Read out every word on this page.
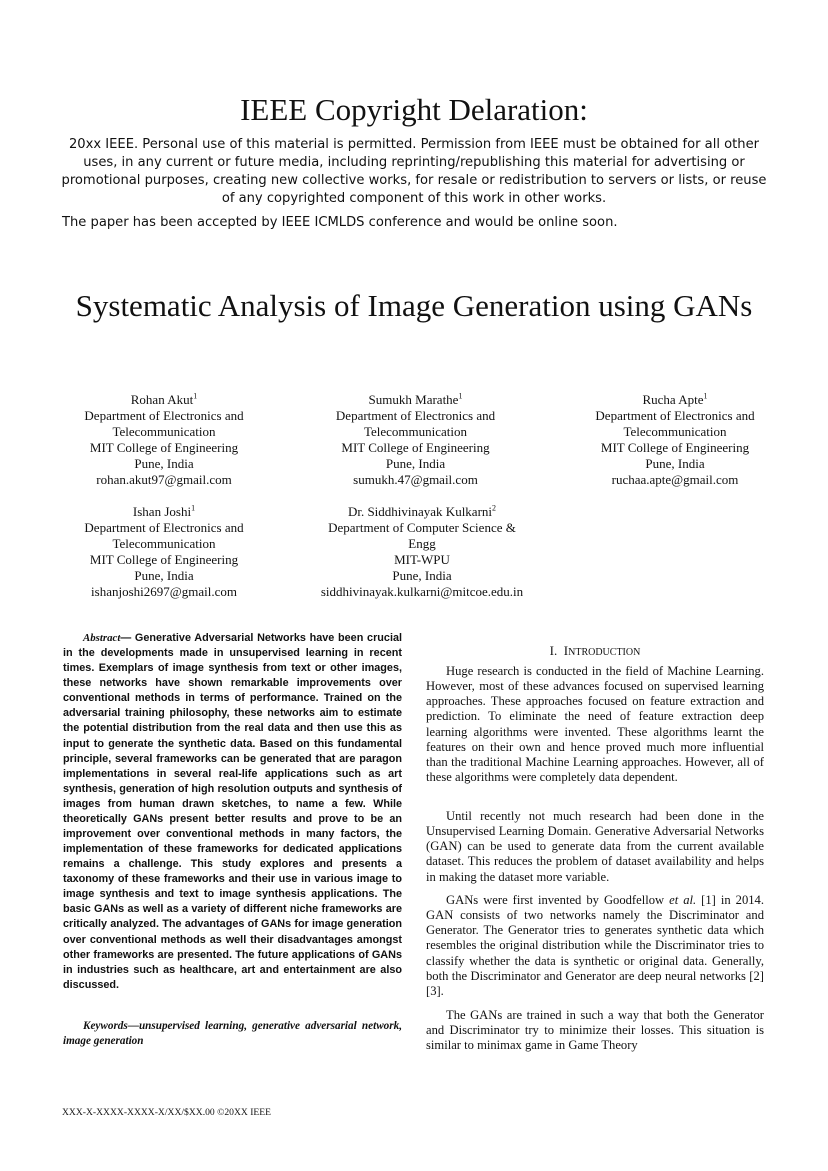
IEEE Copyright Delaration:
20xx IEEE. Personal use of this material is permitted. Permission from IEEE must be obtained for all other uses, in any current or future media, including reprinting/republishing this material for advertising or promotional purposes, creating new collective works, for resale or redistribution to servers or lists, or reuse of any copyrighted component of this work in other works.
The paper has been accepted by IEEE ICMLDS conference and would be online soon.
Systematic Analysis of Image Generation using GANs
Rohan Akut$^1$
Department of Electronics and
Telecommunication
MIT College of Engineering
Pune, India
rohan.akut97@gmail.com
Sumukh Marathe$^1$
Department of Electronics and
Telecommunication
MIT College of Engineering
Pune, India
sumukh.47@gmail.com
Rucha Apte$^1$
Department of Electronics and
Telecommunication
MIT College of Engineering
Pune, India
ruchaa.apte@gmail.com
Ishan Joshi$^1$
Department of Electronics and
Telecommunication
MIT College of Engineering
Pune, India
ishanjoshi2697@gmail.com
Dr. Siddhivinayak Kulkarni$^2$
Department of Computer Science &
Engg
MIT-WPU
Pune, India
siddhivinayak.kulkarni@mitcoe.edu.in
Abstract— Generative Adversarial Networks have been crucial in the developments made in unsupervised learning in recent times. Exemplars of image synthesis from text or other images, these networks have shown remarkable improvements over conventional methods in terms of performance. Trained on the adversarial training philosophy, these networks aim to estimate the potential distribution from the real data and then use this as input to generate the synthetic data. Based on this fundamental principle, several frameworks can be generated that are paragon implementations in several real-life applications such as art synthesis, generation of high resolution outputs and synthesis of images from human drawn sketches, to name a few. While theoretically GANs present better results and prove to be an improvement over conventional methods in many factors, the implementation of these frameworks for dedicated applications remains a challenge. This study explores and presents a taxonomy of these frameworks and their use in various image to image synthesis and text to image synthesis applications. The basic GANs as well as a variety of different niche frameworks are critically analyzed. The advantages of GANs for image generation over conventional methods as well their disadvantages amongst other frameworks are presented. The future applications of GANs in industries such as healthcare, art and entertainment are also discussed.
Keywords—unsupervised learning, generative adversarial network, image generation
I. INTRODUCTION
Huge research is conducted in the field of Machine Learning. However, most of these advances focused on supervised learning approaches. These approaches focused on feature extraction and prediction. To eliminate the need of feature extraction deep learning algorithms were invented. These algorithms learnt the features on their own and hence proved much more influential than the traditional Machine Learning approaches. However, all of these algorithms were completely data dependent.
Until recently not much research had been done in the Unsupervised Learning Domain. Generative Adversarial Networks (GAN) can be used to generate data from the current available dataset. This reduces the problem of dataset availability and helps in making the dataset more variable.
GANs were first invented by Goodfellow et al. [1] in 2014. GAN consists of two networks namely the Discriminator and Generator. The Generator tries to generates synthetic data which resembles the original distribution while the Discriminator tries to classify whether the data is synthetic or original data. Generally, both the Discriminator and Generator are deep neural networks [2][3].
The GANs are trained in such a way that both the Generator and Discriminator try to minimize their losses. This situation is similar to minimax game in Game Theory
XXX-X-XXXX-XXXX-X/XX/$XX.00 ©20XX IEEE
